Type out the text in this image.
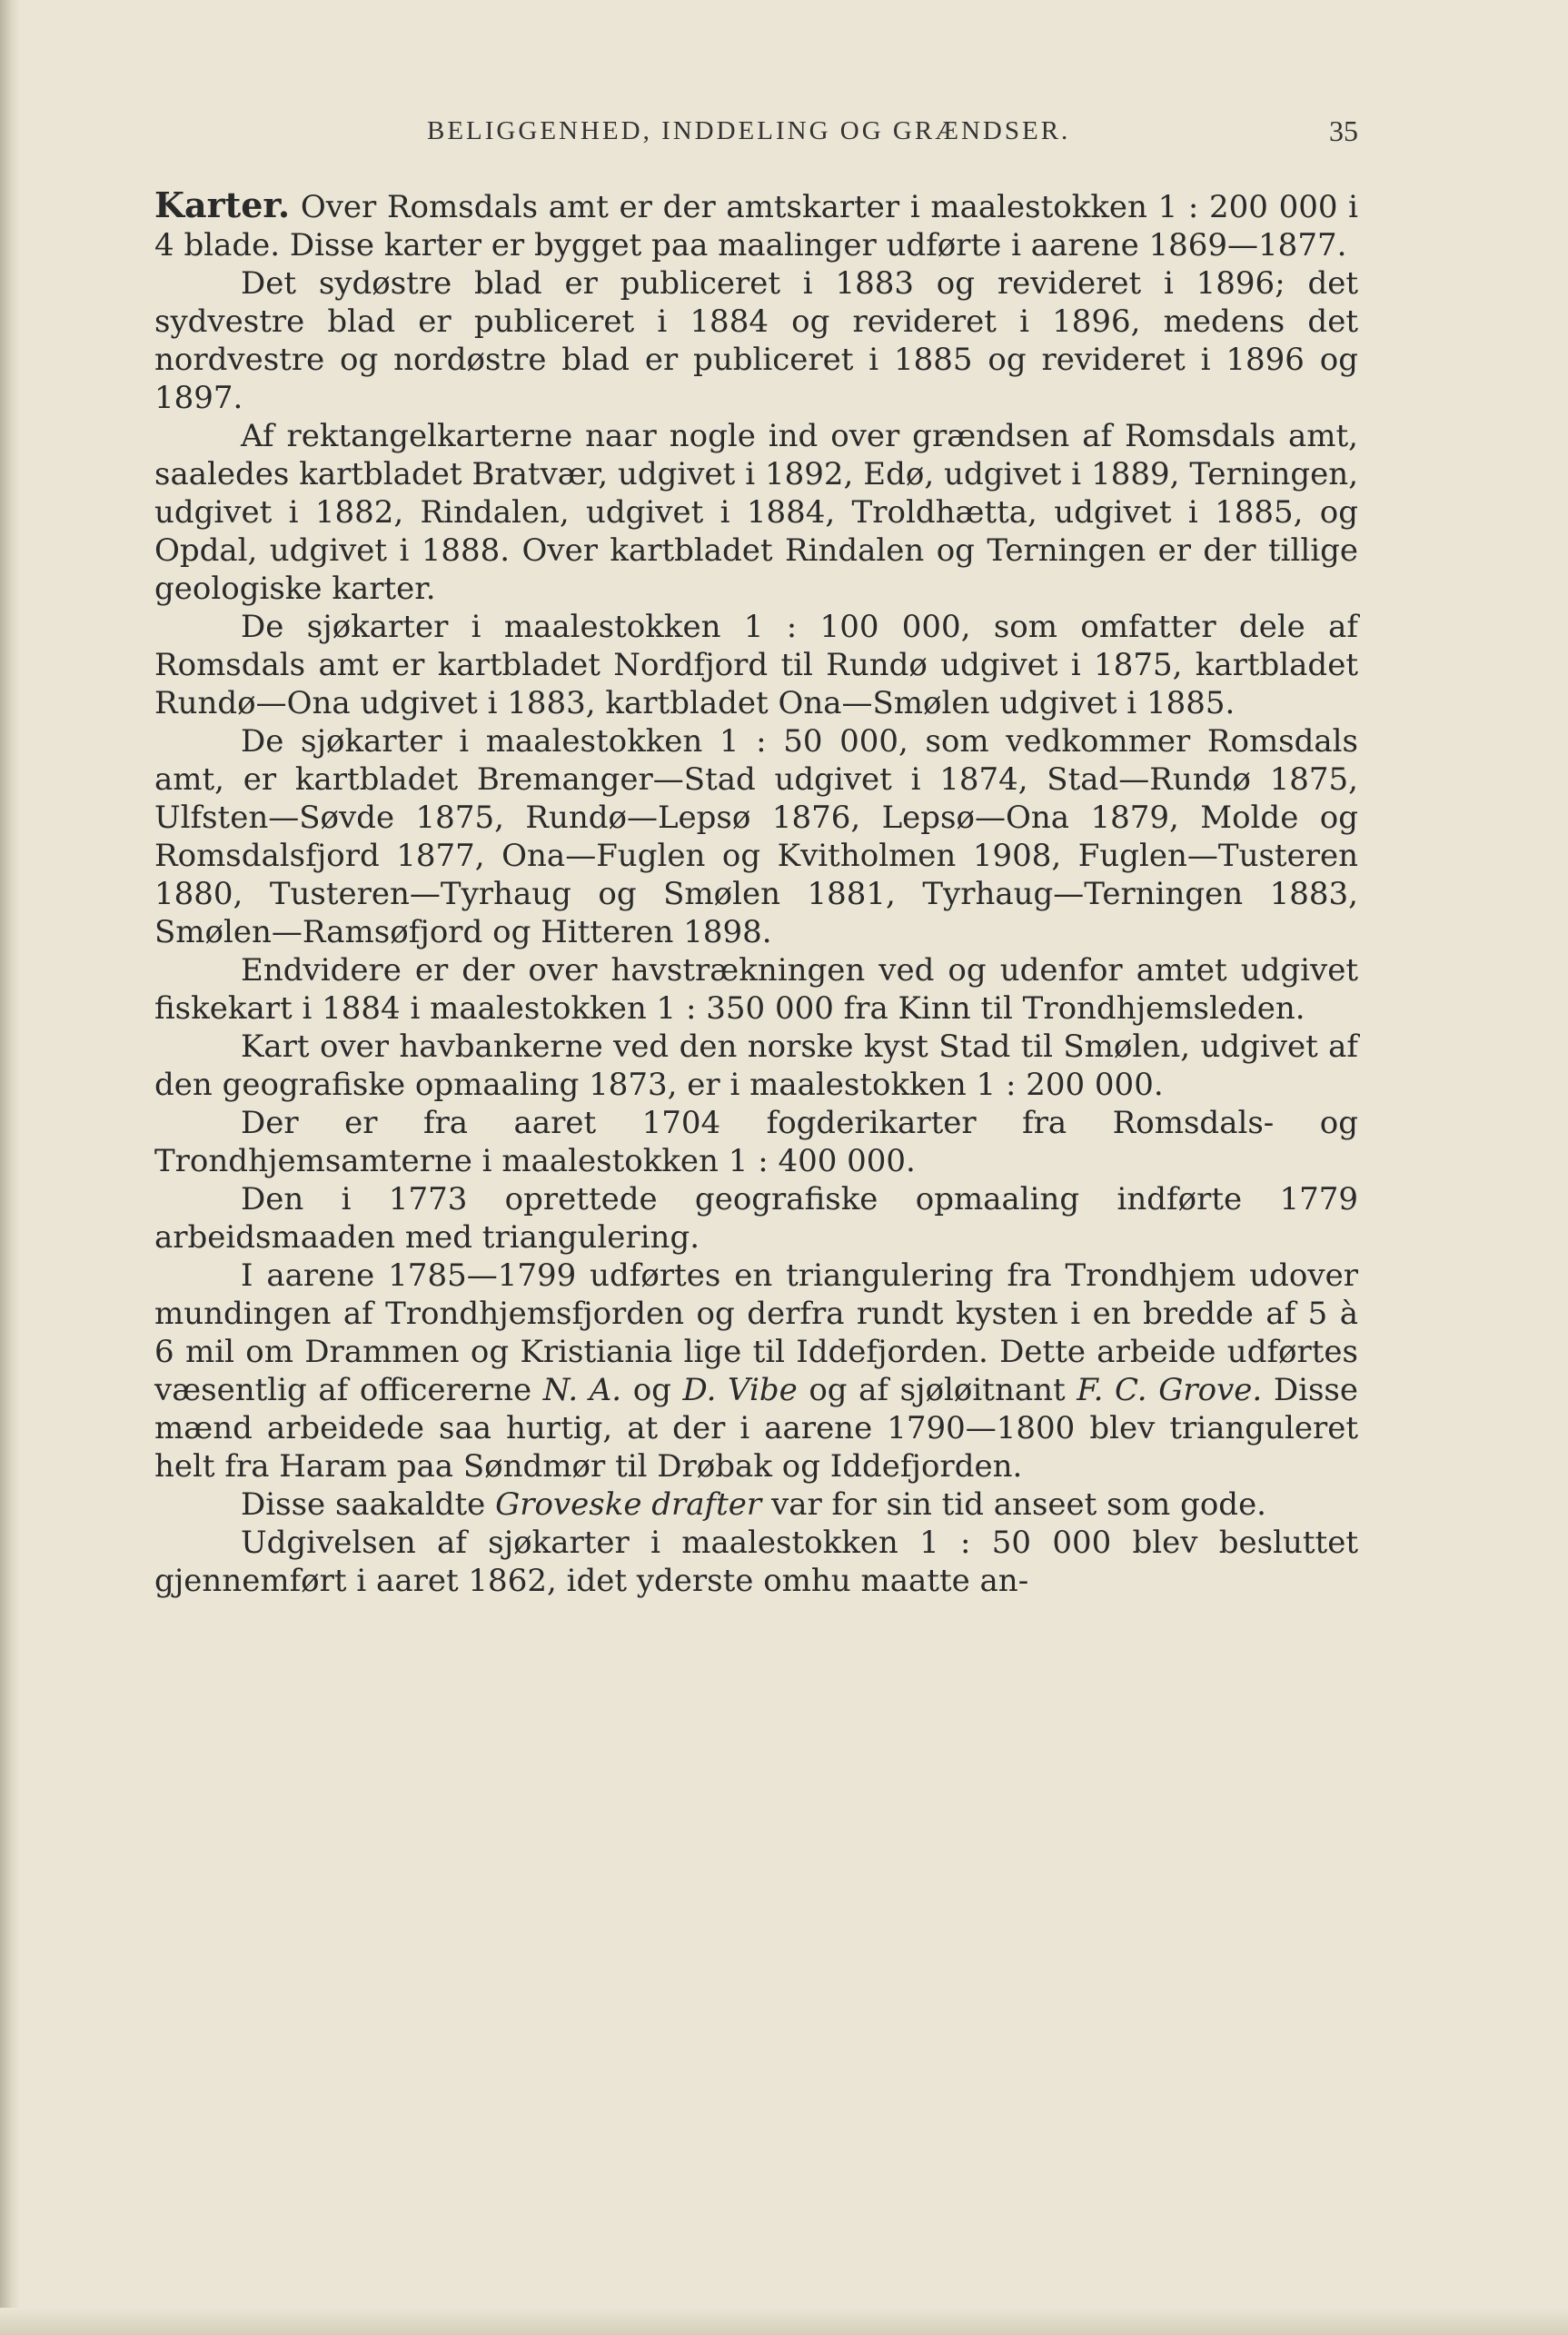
BELIGGENHED, INDDELING OG GRÆNDSER.	35

Karter. Over Romsdals amt er der amtskarter i maalestokken 1 : 200 000 i 4 blade. Disse karter er bygget paa maalinger udførte i aarene 1869—1877.

Det sydøstre blad er publiceret i 1883 og revideret i 1896; det sydvestre blad er publiceret i 1884 og revideret i 1896, medens det nordvestre og nordøstre blad er publiceret i 1885 og revideret i 1896 og 1897.

Af rektangelkarterne naar nogle ind over grændsen af Romsdals amt, saaledes kartbladet Bratvær, udgivet i 1892, Edø, udgivet i 1889, Terningen, udgivet i 1882, Rindalen, udgivet i 1884, Troldhætta, udgivet i 1885, og Opdal, udgivet i 1888. Over kartbladet Rindalen og Terningen er der tillige geologiske karter.

De sjøkarter i maalestokken 1 : 100 000, som omfatter dele af Romsdals amt er kartbladet Nordfjord til Rundø udgivet i 1875, kartbladet Rundø—Ona udgivet i 1883, kartbladet Ona—Smølen udgivet i 1885.

De sjøkarter i maalestokken 1 : 50 000, som vedkommer Romsdals amt, er kartbladet Bremanger—Stad udgivet i 1874, Stad—Rundø 1875, Ulfsten—Søvde 1875, Rundø—Lepsø 1876, Lepsø—Ona 1879, Molde og Romsdalsfjord 1877, Ona—Fuglen og Kvitholmen 1908, Fuglen—Tusteren 1880, Tusteren—Tyrhaug og Smølen 1881, Tyrhaug—Terningen 1883, Smølen—Ramsøfjord og Hitteren 1898.

Endvidere er der over havstrækningen ved og udenfor amtet udgivet fiskekart i 1884 i maalestokken 1 : 350 000 fra Kinn til Trondhjemsleden.

Kart over havbankerne ved den norske kyst Stad til Smølen, udgivet af den geografiske opmaaling 1873, er i maalestokken 1 : 200 000.

Der er fra aaret 1704 fogderikarter fra Romsdals- og Trondhjemsamterne i maalestokken 1 : 400 000.

Den i 1773 oprettede geografiske opmaaling indførte 1779 arbeidsmaaden med triangulering.

I aarene 1785—1799 udførtes en triangulering fra Trondhjem udover mundingen af Trondhjemsfjorden og derfra rundt kysten i en bredde af 5 à 6 mil om Drammen og Kristiania lige til Iddefjorden. Dette arbeide udførtes væsentlig af officererne N. A. og D. Vibe og af sjøløitnant F. C. Grove. Disse mænd arbeidede saa hurtig, at der i aarene 1790—1800 blev trianguleret helt fra Haram paa Søndmør til Drøbak og Iddefjorden.

Disse saakaldte Groveske drafter var for sin tid anseet som gode.

Udgivelsen af sjøkarter i maalestokken 1 : 50 000 blev besluttet gjennemført i aaret 1862, idet yderste omhu maatte an-
